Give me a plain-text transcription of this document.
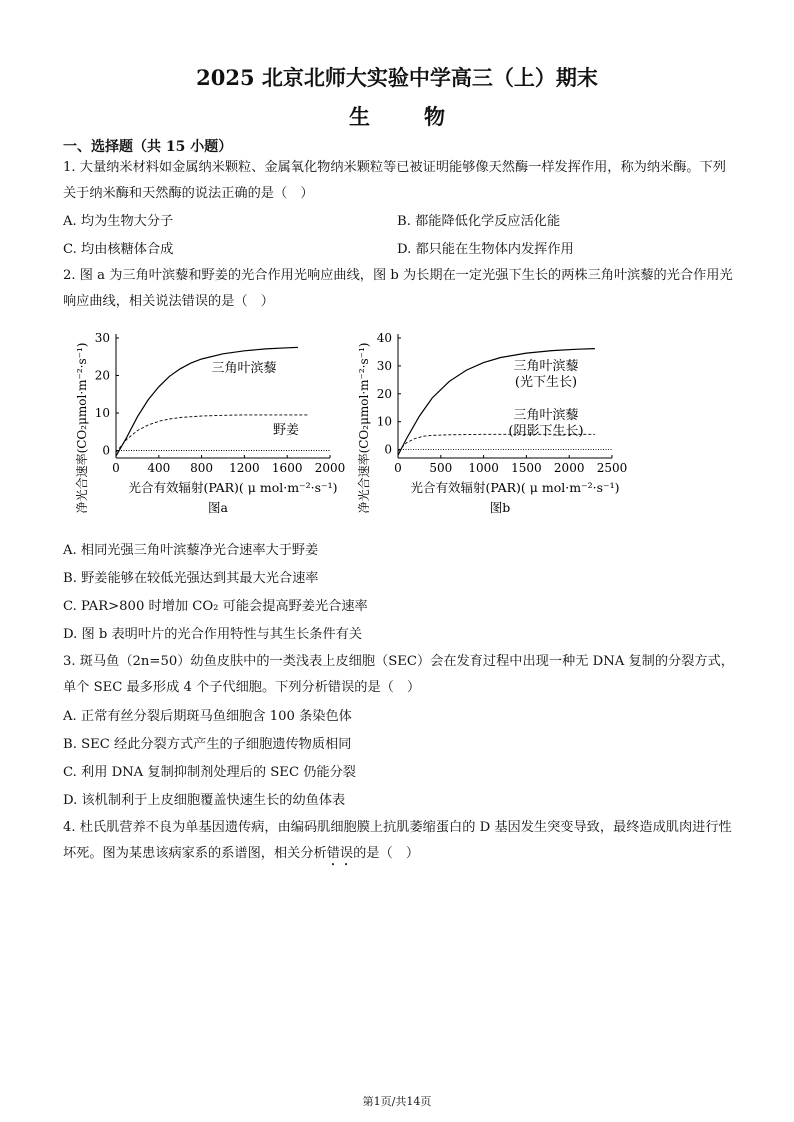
2025 北京北师大实验中学高三（上）期末
生物
一、选择题（共 15 小题）
1. 大量纳米材料如金属纳米颗粒、金属氧化物纳米颗粒等已被证明能够像天然酶一样发挥作用，称为纳米酶。下列关于纳米酶和天然酶的说法正确的是（　）
A. 均为生物大分子	B. 都能降低化学反应活化能
C. 均由核糖体合成	D. 都只能在生物体内发挥作用
2. 图 a 为三角叶滨藜和野姜的光合作用光响应曲线，图 b 为长期在一定光强下生长的两株三角叶滨藜的光合作用光响应曲线，相关说法错误的是（　）
0 400 800 1200 1600 2000
0
10
20
30
三角叶滨藜
野姜
光合有效辐射(PAR)( μ mol·m⁻²·s⁻¹)
净光合速率(CO₂μmol·m⁻²·s⁻¹)	图a
0 500 1000 1500 2000 2500
0
10
20
30
40
三角叶滨藜
(光下生长)
三角叶滨藜
(阴影下生长)
光合有效辐射(PAR)( μ mol·m⁻²·s⁻¹)
净光合速率(CO₂μmol·m⁻²·s⁻¹)	图b
A. 相同光强三角叶滨藜净光合速率大于野姜
B. 野姜能够在较低光强达到其最大光合速率
C. PAR>800 时增加 CO₂ 可能会提高野姜光合速率
D. 图 b 表明叶片的光合作用特性与其生长条件有关
3. 斑马鱼（2n=50）幼鱼皮肤中的一类浅表上皮细胞（SEC）会在发育过程中出现一种无 DNA 复制的分裂方式，单个 SEC 最多形成 4 个子代细胞。下列分析错误的是（　）
A. 正常有丝分裂后期斑马鱼细胞含 100 条染色体
B. SEC 经此分裂方式产生的子细胞遗传物质相同
C. 利用 DNA 复制抑制剂处理后的 SEC 仍能分裂
D. 该机制利于上皮细胞覆盖快速生长的幼鱼体表
4. 杜氏肌营养不良为单基因遗传病，由编码肌细胞膜上抗肌萎缩蛋白的 D 基因发生突变导致，最终造成肌肉进行性坏死。图为某患该病家系的系谱图，相关分析错误的是（　）
第1页/共14页
